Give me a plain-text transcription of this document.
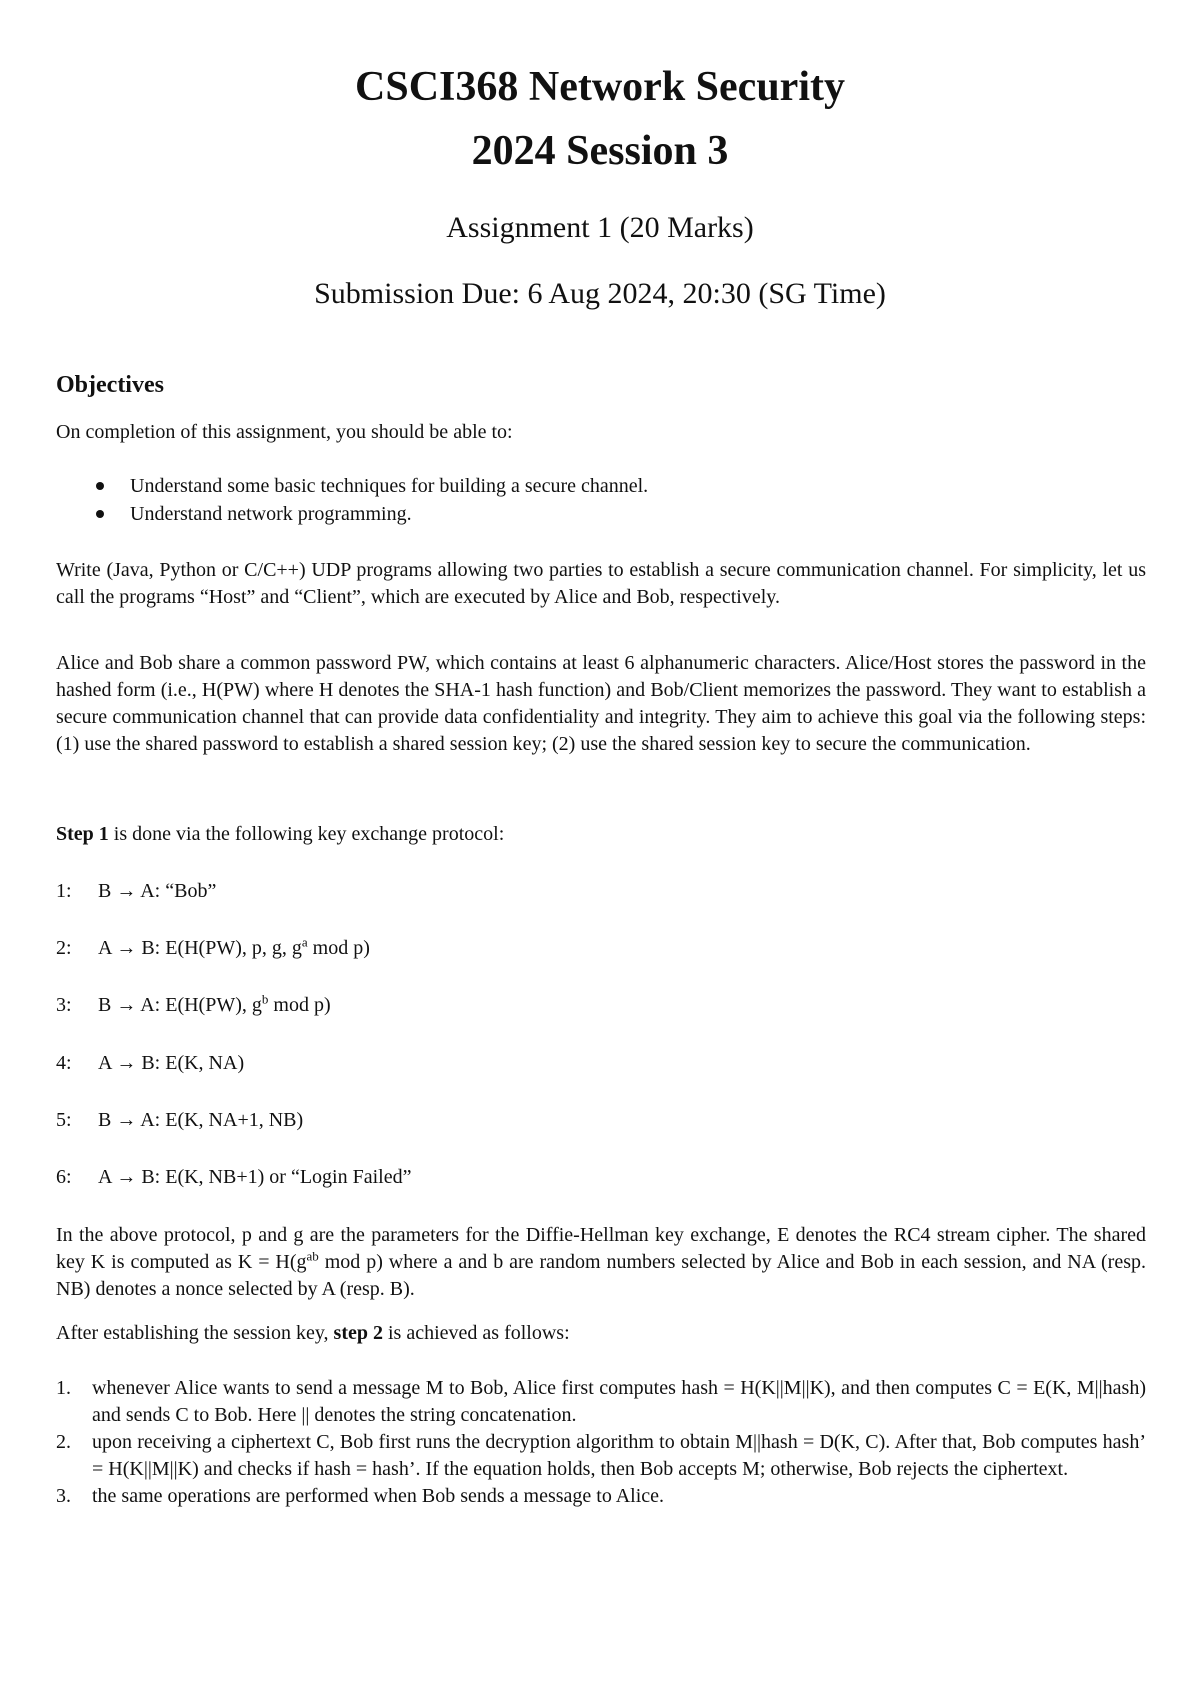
CSCI368 Network Security
2024 Session 3
Assignment 1 (20 Marks)
Submission Due: 6 Aug 2024, 20:30 (SG Time)
Objectives
On completion of this assignment, you should be able to:
Understand some basic techniques for building a secure channel.
Understand network programming.
Write (Java, Python or C/C++) UDP programs allowing two parties to establish a secure communication channel. For simplicity, let us call the programs “Host” and “Client”, which are executed by Alice and Bob, respectively.
Alice and Bob share a common password PW, which contains at least 6 alphanumeric characters. Alice/Host stores the password in the hashed form (i.e., H(PW) where H denotes the SHA-1 hash function) and Bob/Client memorizes the password. They want to establish a secure communication channel that can provide data confidentiality and integrity. They aim to achieve this goal via the following steps: (1) use the shared password to establish a shared session key; (2) use the shared session key to secure the communication.
Step 1 is done via the following key exchange protocol:
1: B → A: “Bob”
2: A → B: E(H(PW), p, g, $g^a$ mod p)
3: B → A: E(H(PW), $g^b$ mod p)
4: A → B: E(K, NA)
5: B → A: E(K, NA+1, NB)
6: A → B: E(K, NB+1) or “Login Failed”
In the above protocol, p and g are the parameters for the Diffie-Hellman key exchange, E denotes the RC4 stream cipher. The shared key K is computed as $K = H(g^{ab}$ mod p) where a and b are random numbers selected by Alice and Bob in each session, and NA (resp. NB) denotes a nonce selected by A (resp. B).
After establishing the session key, step 2 is achieved as follows:
1. whenever Alice wants to send a message M to Bob, Alice first computes hash = H(K||M||K), and then computes C = E(K, M||hash) and sends C to Bob. Here || denotes the string concatenation.
2. upon receiving a ciphertext C, Bob first runs the decryption algorithm to obtain M||hash = D(K, C). After that, Bob computes hash’ = H(K||M||K) and checks if hash = hash’. If the equation holds, then Bob accepts M; otherwise, Bob rejects the ciphertext.
3. the same operations are performed when Bob sends a message to Alice.
